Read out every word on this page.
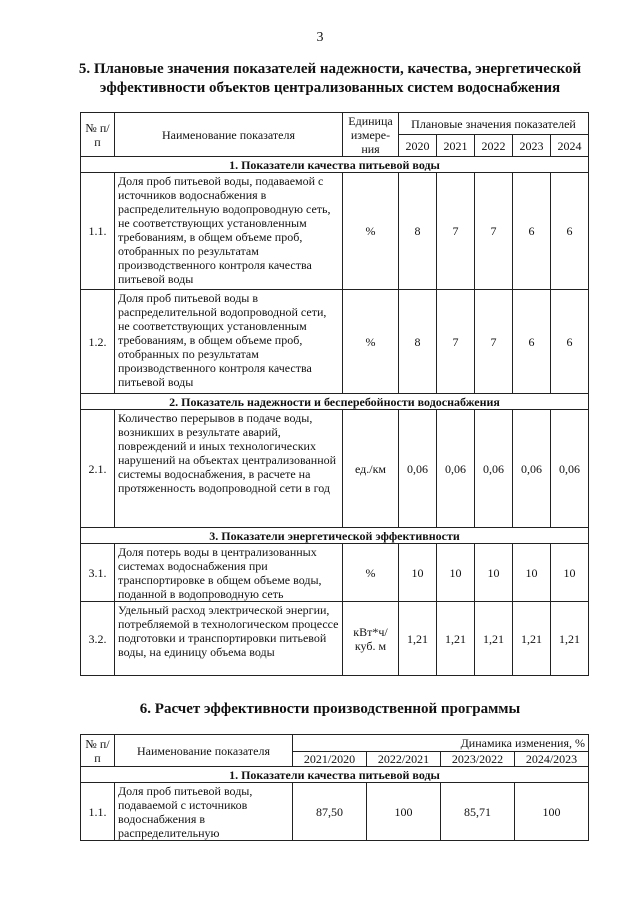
3
5. Плановые значения показателей надежности, качества, энергетической эффективности объектов централизованных систем водоснабжения
№ п/п	Наименование показателя	Единица измере-ния	Плановые значения показателей				
			2020	2021	2022	2023	2024
1. Показатели качества питьевой воды							
1.1.	Доля проб питьевой воды, подаваемой с источников водоснабжения в распределительную водопроводную сеть, не соответствующих установленным требованиям, в общем объеме проб, отобранных по результатам производственного контроля качества питьевой воды	%	8	7	7	6	6
1.2.	Доля проб питьевой воды в распределительной водопроводной сети, не соответствующих установленным требованиям, в общем объеме проб, отобранных по результатам производственного контроля качества питьевой воды	%	8	7	7	6	6
2. Показатель надежности и бесперебойности водоснабжения							
2.1.	Количество перерывов в подаче воды, возникших в результате аварий, повреждений и иных технологических нарушений на объектах централизованной системы водоснабжения, в расчете на протяженность водопроводной сети в год	ед./км	0,06	0,06	0,06	0,06	0,06
3. Показатели энергетической эффективности							
3.1.	Доля потерь воды в централизованных системах водоснабжения при транспортировке в общем объеме воды, поданной в водопроводную сеть	%	10	10	10	10	10
3.2.	Удельный расход электрической энергии, потребляемой в технологическом процессе подготовки и транспортировки питьевой воды, на единицу объема воды	кВт*ч/ куб. м	1,21	1,21	1,21	1,21	1,21
6. Расчет эффективности производственной программы
№ п/п	Наименование показателя	Динамика изменения, %			
		2021/2020	2022/2021	2023/2022	2024/2023
1. Показатели качества питьевой воды					
1.1.	Доля проб питьевой воды, подаваемой с источников водоснабжения в распределительную	87,50	100	85,71	100
